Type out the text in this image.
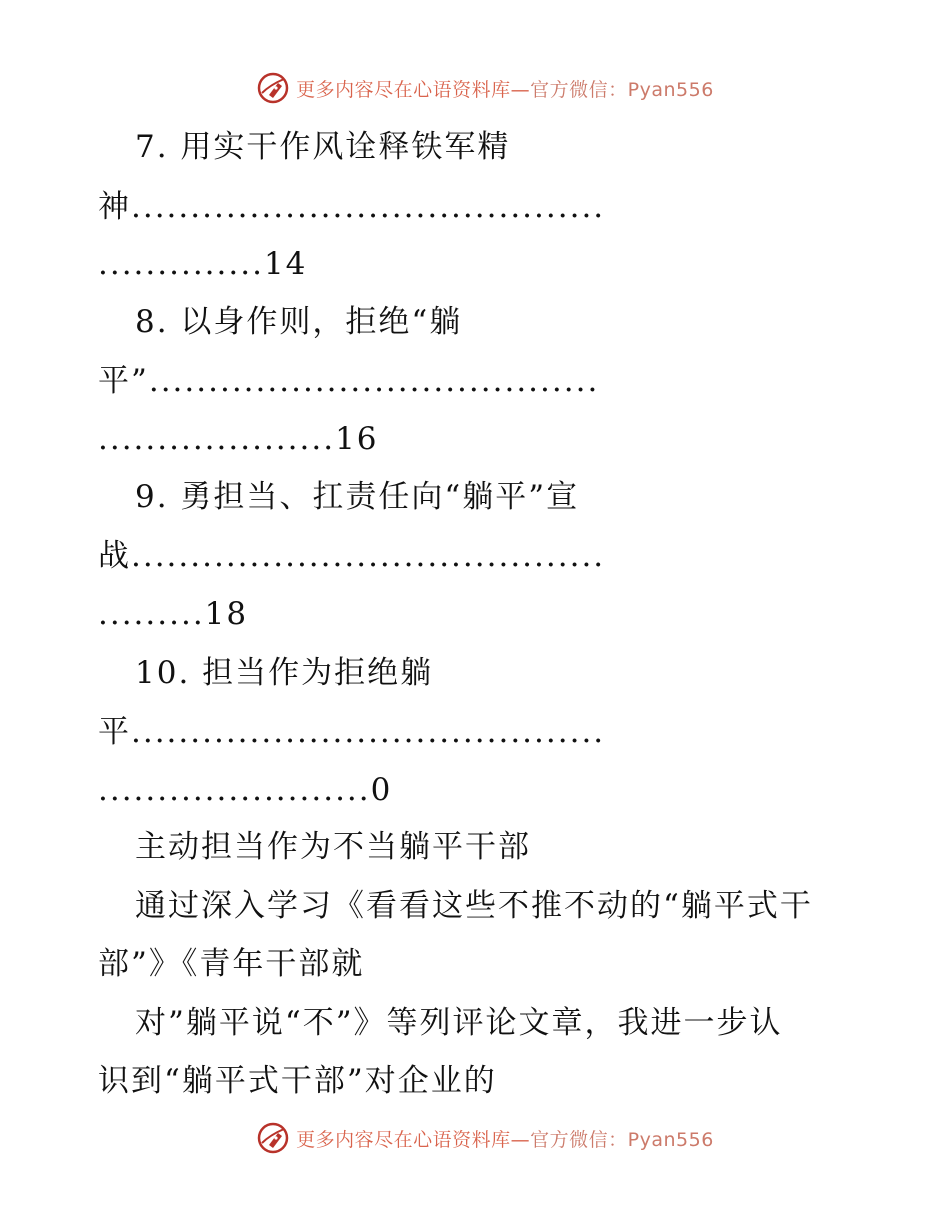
更多内容尽在心语资料库—官方微信：Pyan556
7. 用实干作风诠释铁军精
神........................................
..............14
8. 以身作则，拒绝“躺
平”......................................
....................16
9. 勇担当、扛责任向“躺平”宣
战........................................
.........18
10. 担当作为拒绝躺
平........................................
.......................0
主动担当作为不当躺平干部
通过深入学习《看看这些不推不动的“躺平式干
部”》《青年干部就
对”躺平说“不”》等列评论文章，我进一步认
识到“躺平式干部”对企业的
更多内容尽在心语资料库—官方微信：Pyan556
